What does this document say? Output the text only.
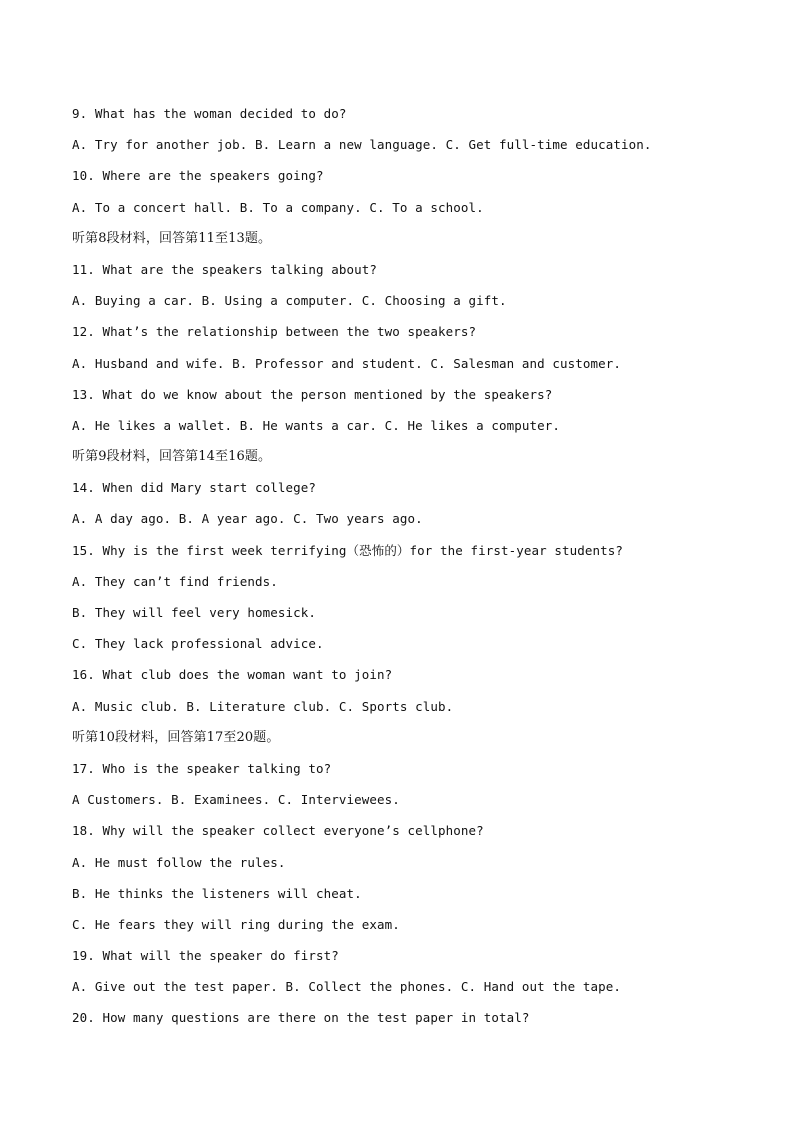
9. What has the woman decided to do?
A. Try for another job. B. Learn a new language. C. Get full-time education.
10. Where are the speakers going?
A. To a concert hall. B. To a company. C. To a school.
听第8段材料，回答第11至13题。
11. What are the speakers talking about?
A. Buying a car. B. Using a computer. C. Choosing a gift.
12. What’s the relationship between the two speakers?
A. Husband and wife. B. Professor and student. C. Salesman and customer.
13. What do we know about the person mentioned by the speakers?
A. He likes a wallet. B. He wants a car. C. He likes a computer.
听第9段材料，回答第14至16题。
14. When did Mary start college?
A. A day ago. B. A year ago. C. Two years ago.
15. Why is the first week terrifying（恐怖的）for the first-year students?
A. They can’t find friends.
B. They will feel very homesick.
C. They lack professional advice.
16. What club does the woman want to join?
A. Music club. B. Literature club. C. Sports club.
听第10段材料，回答第17至20题。
17. Who is the speaker talking to?
A Customers. B. Examinees. C. Interviewees.
18. Why will the speaker collect everyone’s cellphone?
A. He must follow the rules.
B. He thinks the listeners will cheat.
C. He fears they will ring during the exam.
19. What will the speaker do first?
A. Give out the test paper. B. Collect the phones. C. Hand out the tape.
20. How many questions are there on the test paper in total?
